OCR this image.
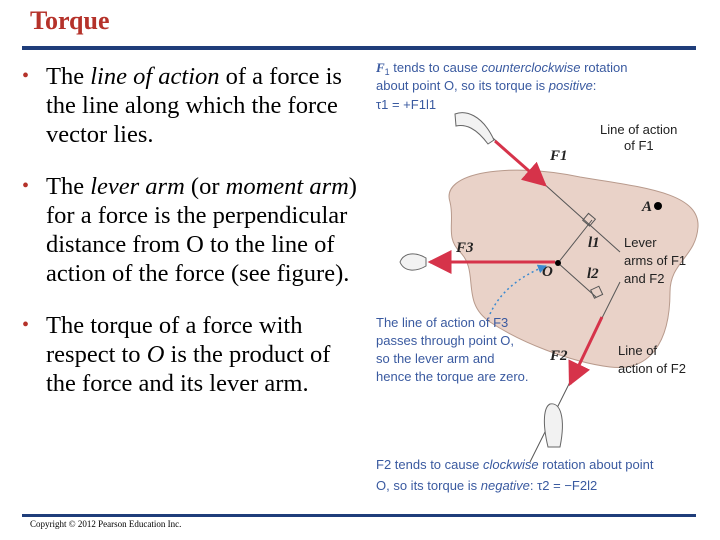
Torque
• The line of action of a force is the line along which the force vector lies.
• The lever arm (or moment arm) for a force is the perpendicular distance from O to the line of action of the force (see figure).
• The torque of a force with respect to O is the product of the force and its lever arm.
$F_1$ tends to cause counterclockwise rotation
about point O, so its torque is positive:
τ1 = +F1l1
A
O
l1
l2
F1
F3
F2
Line of action of F1
Lever arms of F1 and F2
Line of action of F2
The line of action of F3 passes through point O, so the lever arm and hence the torque are zero.
F2 tends to cause clockwise rotation about point
O, so its torque is negative: τ2 = −F2l2
Copyright © 2012 Pearson Education Inc.
